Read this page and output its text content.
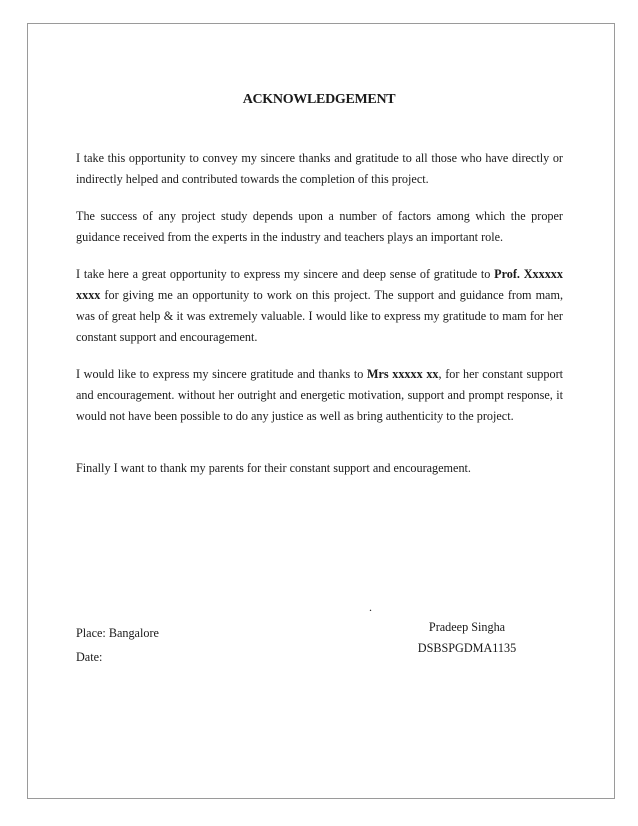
ACKNOWLEDGEMENT

I take this opportunity to convey my sincere thanks and gratitude to all those who have directly or indirectly helped and contributed towards the completion of this project.

The success of any project study depends upon a number of factors among which the proper guidance received from the experts in the industry and teachers plays an important role.

I take here a great opportunity to express my sincere and deep sense of gratitude to Prof. Xxxxxx xxxx for giving me an opportunity to work on this project. The support and guidance from mam, was of great help & it was extremely valuable. I would like to express my gratitude to mam for her constant support and encouragement.

I would like to express my sincere gratitude and thanks to Mrs xxxxx xx, for her constant support and encouragement. without her outright and energetic motivation, support and prompt response, it would not have been possible to do any justice as well as bring authenticity to the project.

Finally I want to thank my parents for their constant support and encouragement.

.
Place: Bangalore
Date:
Pradeep Singha
DSBSPGDMA1135
